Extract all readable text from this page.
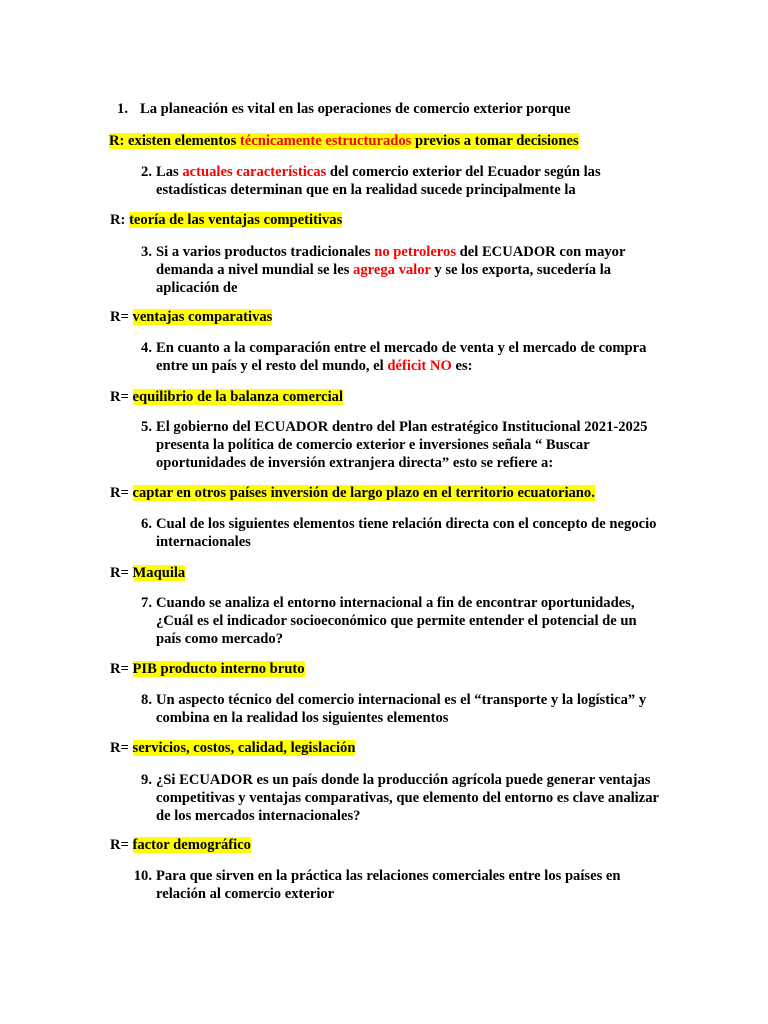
1. La planeación es vital en las operaciones de comercio exterior porque
R: existen elementos técnicamente estructurados previos a tomar decisiones
2. Las actuales características del comercio exterior del Ecuador según las estadísticas determinan que en la realidad sucede principalmente la
R: teoría de las ventajas competitivas
3. Si a varios productos tradicionales no petroleros del ECUADOR con mayor demanda a nivel mundial se les agrega valor y se los exporta, sucedería la aplicación de
R= ventajas comparativas
4. En cuanto a la comparación entre el mercado de venta y el mercado de compra entre un país y el resto del mundo, el déficit NO es:
R= equilibrio de la balanza comercial
5. El gobierno del ECUADOR dentro del Plan estratégico Institucional 2021-2025 presenta la política de comercio exterior e inversiones señala “ Buscar oportunidades de inversión extranjera directa” esto se refiere a:
R= captar en otros países inversión de largo plazo en el territorio ecuatoriano.
6. Cual de los siguientes elementos tiene relación directa con el concepto de negocio internacionales
R= Maquila
7. Cuando se analiza el entorno internacional a fin de encontrar oportunidades, ¿Cuál es el indicador socioeconómico que permite entender el potencial de un país como mercado?
R= PIB producto interno bruto
8. Un aspecto técnico del comercio internacional es el “transporte y la logística” y combina en la realidad los siguientes elementos
R= servicios, costos, calidad, legislación
9. ¿Si ECUADOR es un país donde la producción agrícola puede generar ventajas competitivas y ventajas comparativas, que elemento del entorno es clave analizar de los mercados internacionales?
R= factor demográfico
10. Para que sirven en la práctica las relaciones comerciales entre los países en relación al comercio exterior
